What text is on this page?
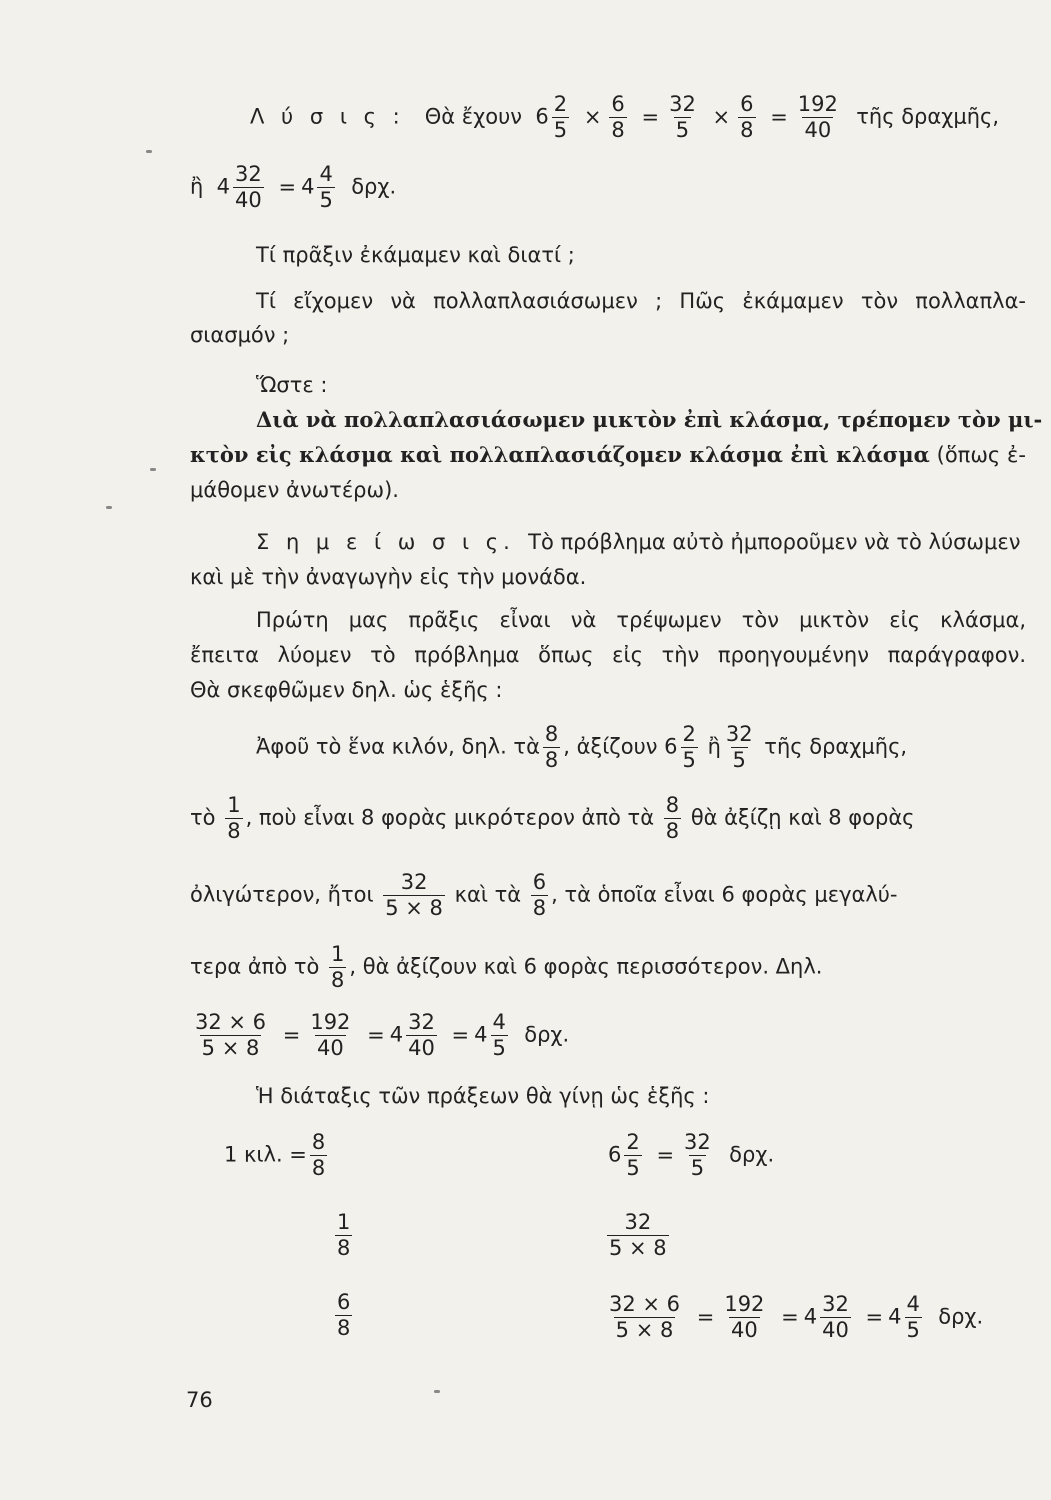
Λ ύ σ ι ς : Θὰ ἔχουν $6 \frac{2}{5} \times \frac{6}{8} = \frac{32}{5} \times \frac{6}{8} = \frac{192}{40}$ τῆς δραχμῆς,
ἢ $4 \frac{32}{40} = 4 \frac{4}{5} \delta\rho\chi$.
Τί πρᾶξιν ἐκάμαμεν καὶ διατί ;
Τί εἴχομεν νὰ πολλαπλασιάσωμεν ; Πῶς ἐκάμαμεν τὸν πολλαπλα-
σιασμόν ;
Ὥστε :
Διὰ νὰ πολλαπλασιάσωμεν μικτὸν ἐπὶ κλάσμα, τρέπομεν τὸν μι-
κτὸν εἰς κλάσμα καὶ πολλαπλασιάζομεν κλάσμα ἐπὶ κλάσμα (ὅπως ἐ-
μάθομεν ἀνωτέρω).
Σ η μ ε ί ω σ ι ς. Τὸ πρόβλημα αὐτὸ ἠμποροῦμεν νὰ τὸ λύσωμεν
καὶ μὲ τὴν ἀναγωγὴν εἰς τὴν μονάδα.
Πρώτη μας πρᾶξις εἶναι νὰ τρέψωμεν τὸν μικτὸν εἰς κλάσμα,
ἔπειτα λύομεν τὸ πρόβλημα ὅπως εἰς τὴν προηγουμένην παράγραφον.
Θὰ σκεφθῶμεν δηλ. ὡς ἑξῆς :
Ἀφοῦ τὸ ἕνα κιλόν, δηλ. τὰ $\frac{8}{8}$ , ἀξίζουν $6 \frac{2}{5}$ ἢ $\frac{32}{5}$ τῆς δραχμῆς,
τὸ $\frac{1}{8}$ , ποὺ εἶναι 8 φορὰς μικρότερον ἀπὸ τὰ $\frac{8}{8}$ θὰ ἀξίζῃ καὶ 8 φορὰς
ὀλιγώτερον, ἤτοι $\frac{32}{5 \times 8}$ καὶ τὰ $\frac{6}{8}$ , τὰ ὁποῖα εἶναι 6 φορὰς μεγαλύ-
τερα ἀπὸ τὸ $\frac{1}{8}$ , θὰ ἀξίζουν καὶ 6 φορὰς περισσότερον. Δηλ.
$\frac{32 \times 6}{5 \times 8} = \frac{192}{40} = 4 \frac{32}{40} = 4 \frac{4}{5} \delta\rho\chi$.
Ἡ διάταξις τῶν πράξεων θὰ γίνῃ ὡς ἑξῆς :
1 κιλ. = $\frac{8}{8}$
$\frac{1}{8}$
$\frac{6}{8}$
$6 \frac{2}{5} = \frac{32}{5} \delta\rho\chi$.
$\frac{32}{5 \times 8}$
$\frac{32 \times 6}{5 \times 8} = \frac{192}{40} = 4 \frac{32}{40} = 4 \frac{4}{5} \delta\rho\chi$.
76
